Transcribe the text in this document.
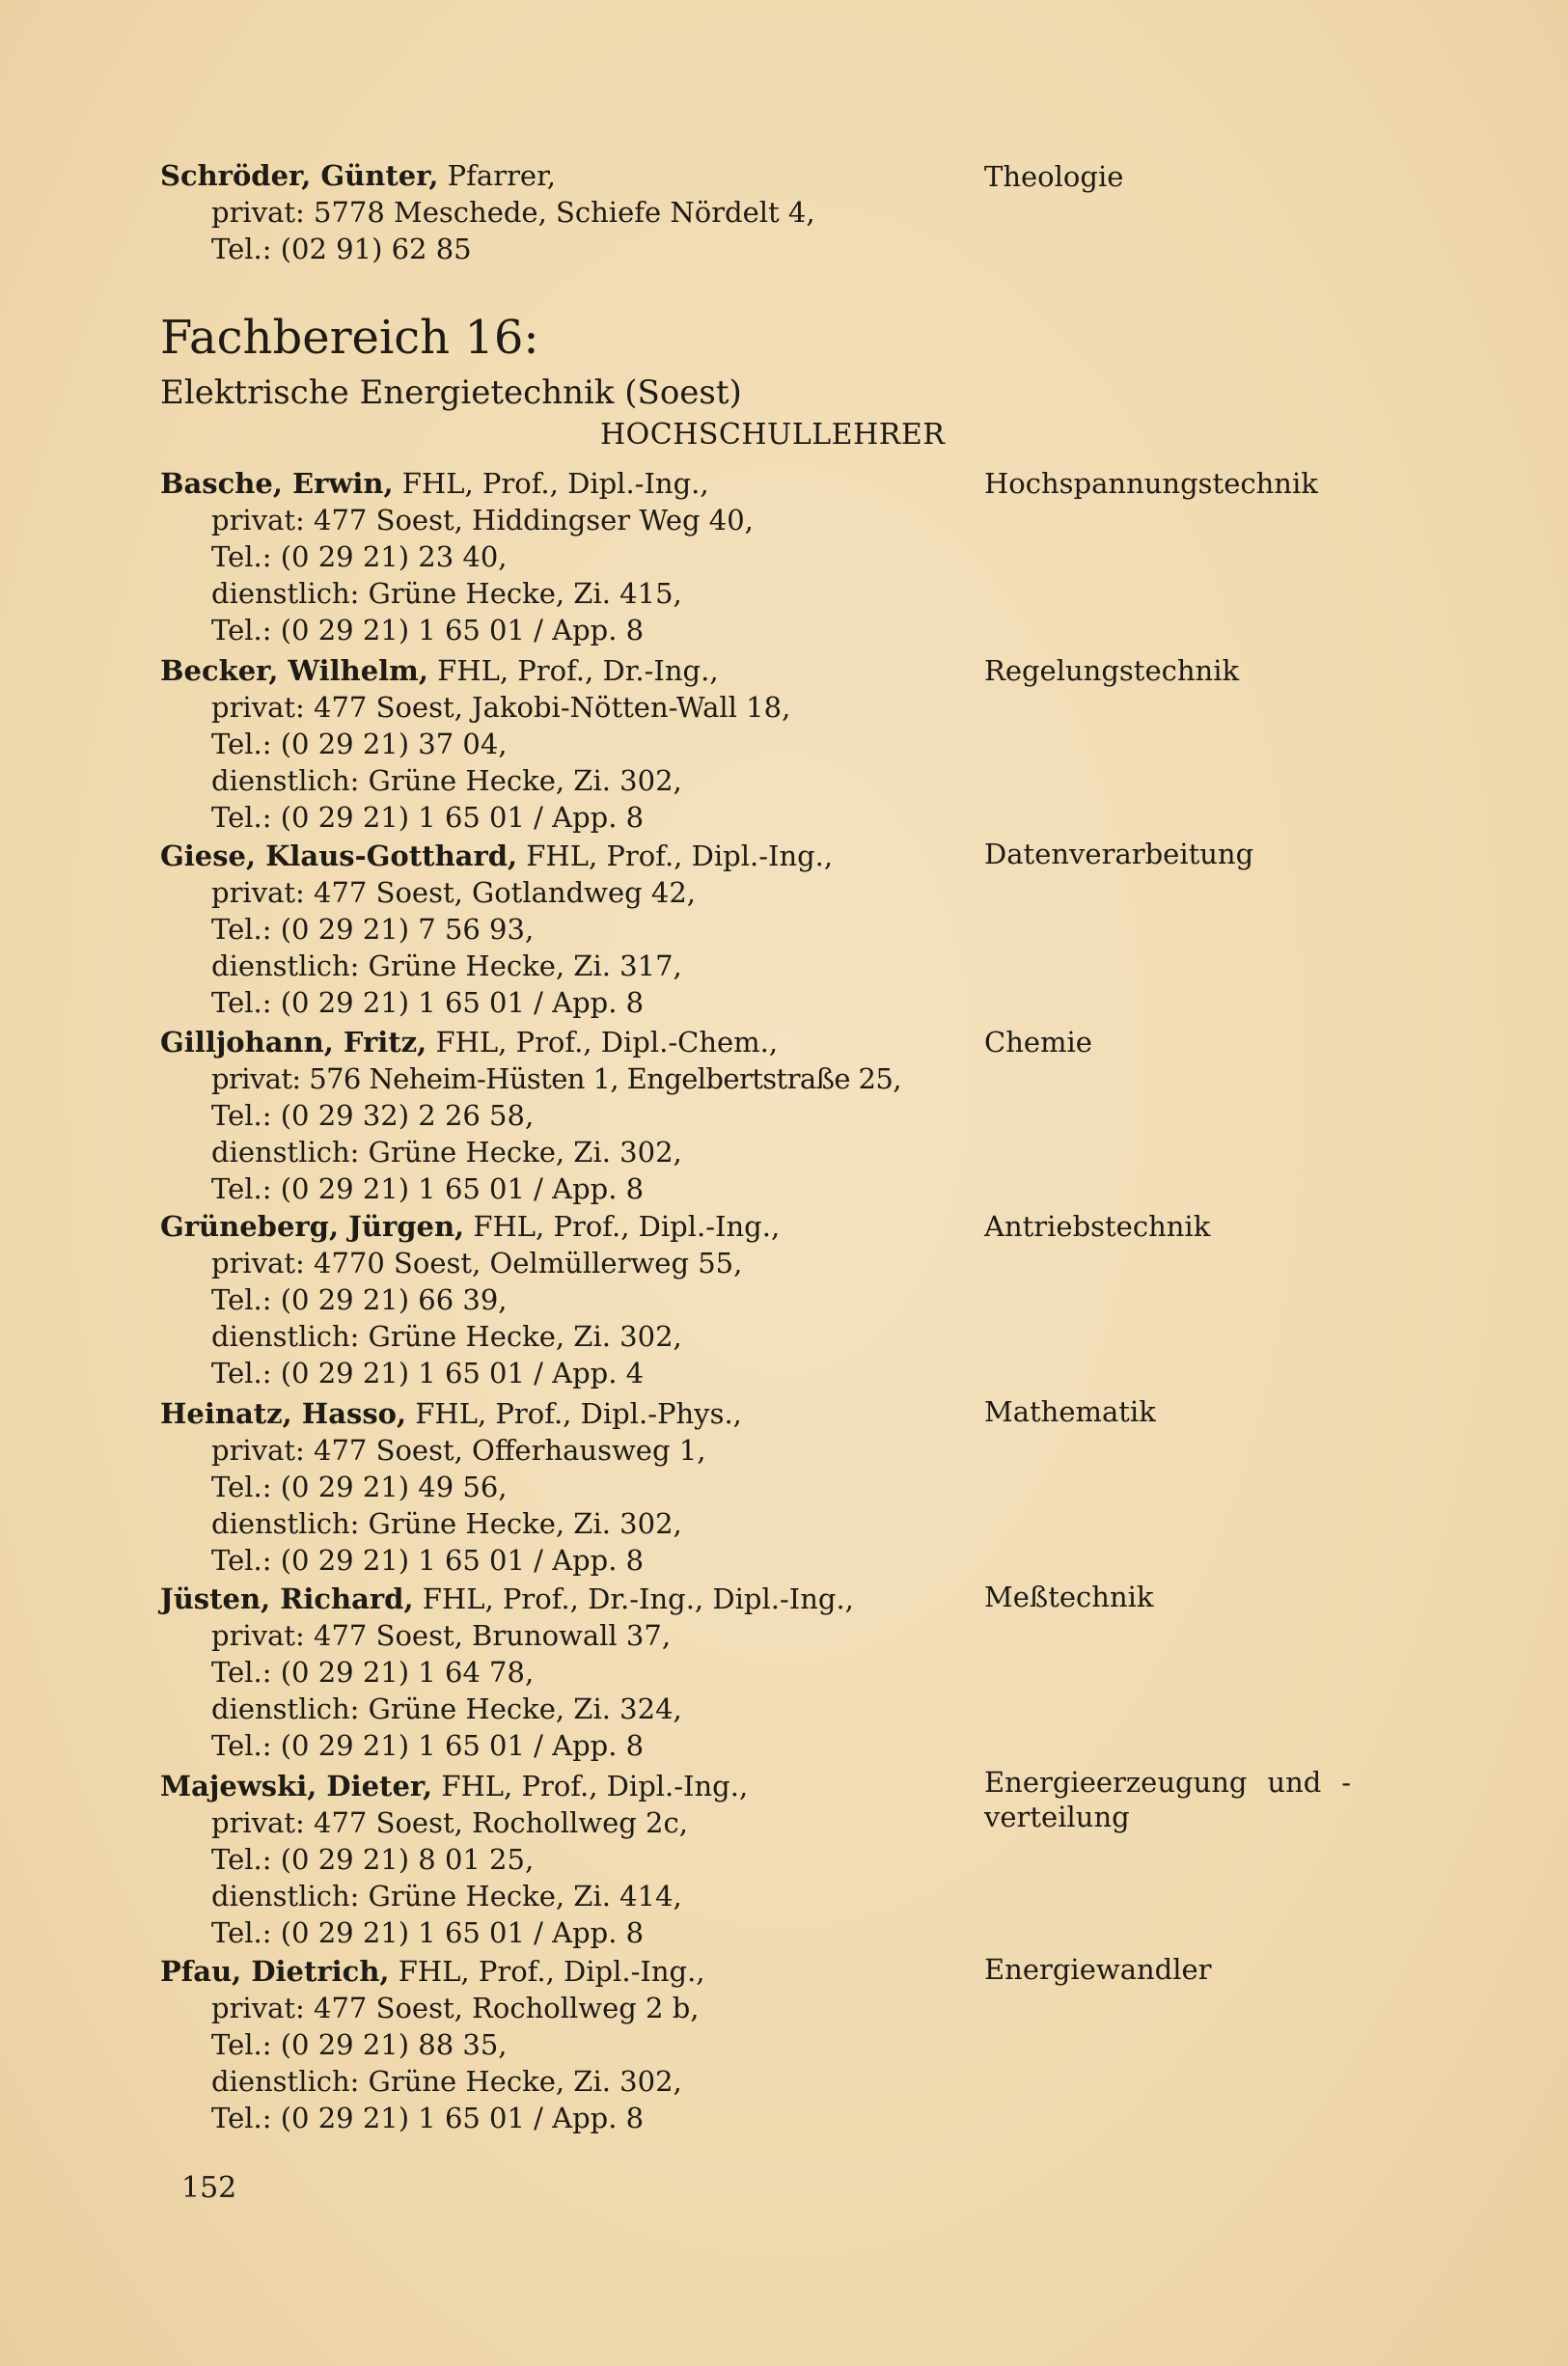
Schröder, Günter, Pfarrer,
privat: 5778 Meschede, Schiefe Nördelt 4,
Tel.: (02 91) 62 85
Theologie
Fachbereich 16:
Elektrische Energietechnik (Soest)
HOCHSCHULLEHRER
Basche, Erwin, FHL, Prof., Dipl.-Ing.,
privat: 477 Soest, Hiddingser Weg 40,
Tel.: (0 29 21) 23 40,
dienstlich: Grüne Hecke, Zi. 415,
Tel.: (0 29 21) 1 65 01 / App. 8
Hochspannungstechnik
Becker, Wilhelm, FHL, Prof., Dr.-Ing.,
privat: 477 Soest, Jakobi-Nötten-Wall 18,
Tel.: (0 29 21) 37 04,
dienstlich: Grüne Hecke, Zi. 302,
Tel.: (0 29 21) 1 65 01 / App. 8
Regelungstechnik
Giese, Klaus-Gotthard, FHL, Prof., Dipl.-Ing.,
privat: 477 Soest, Gotlandweg 42,
Tel.: (0 29 21) 7 56 93,
dienstlich: Grüne Hecke, Zi. 317,
Tel.: (0 29 21) 1 65 01 / App. 8
Datenverarbeitung
Gilljohann, Fritz, FHL, Prof., Dipl.-Chem.,
privat: 576 Neheim-Hüsten 1, Engelbertstraße 25,
Tel.: (0 29 32) 2 26 58,
dienstlich: Grüne Hecke, Zi. 302,
Tel.: (0 29 21) 1 65 01 / App. 8
Chemie
Grüneberg, Jürgen, FHL, Prof., Dipl.-Ing.,
privat: 4770 Soest, Oelmüllerweg 55,
Tel.: (0 29 21) 66 39,
dienstlich: Grüne Hecke, Zi. 302,
Tel.: (0 29 21) 1 65 01 / App. 4
Antriebstechnik
Heinatz, Hasso, FHL, Prof., Dipl.-Phys.,
privat: 477 Soest, Offerhausweg 1,
Tel.: (0 29 21) 49 56,
dienstlich: Grüne Hecke, Zi. 302,
Tel.: (0 29 21) 1 65 01 / App. 8
Mathematik
Jüsten, Richard, FHL, Prof., Dr.-Ing., Dipl.-Ing.,
privat: 477 Soest, Brunowall 37,
Tel.: (0 29 21) 1 64 78,
dienstlich: Grüne Hecke, Zi. 324,
Tel.: (0 29 21) 1 65 01 / App. 8
Meßtechnik
Majewski, Dieter, FHL, Prof., Dipl.-Ing.,
privat: 477 Soest, Rochollweg 2c,
Tel.: (0 29 21) 8 01 25,
dienstlich: Grüne Hecke, Zi. 414,
Tel.: (0 29 21) 1 65 01 / App. 8
Energieerzeugung und -verteilung
Pfau, Dietrich, FHL, Prof., Dipl.-Ing.,
privat: 477 Soest, Rochollweg 2 b,
Tel.: (0 29 21) 88 35,
dienstlich: Grüne Hecke, Zi. 302,
Tel.: (0 29 21) 1 65 01 / App. 8
Energiewandler
152
